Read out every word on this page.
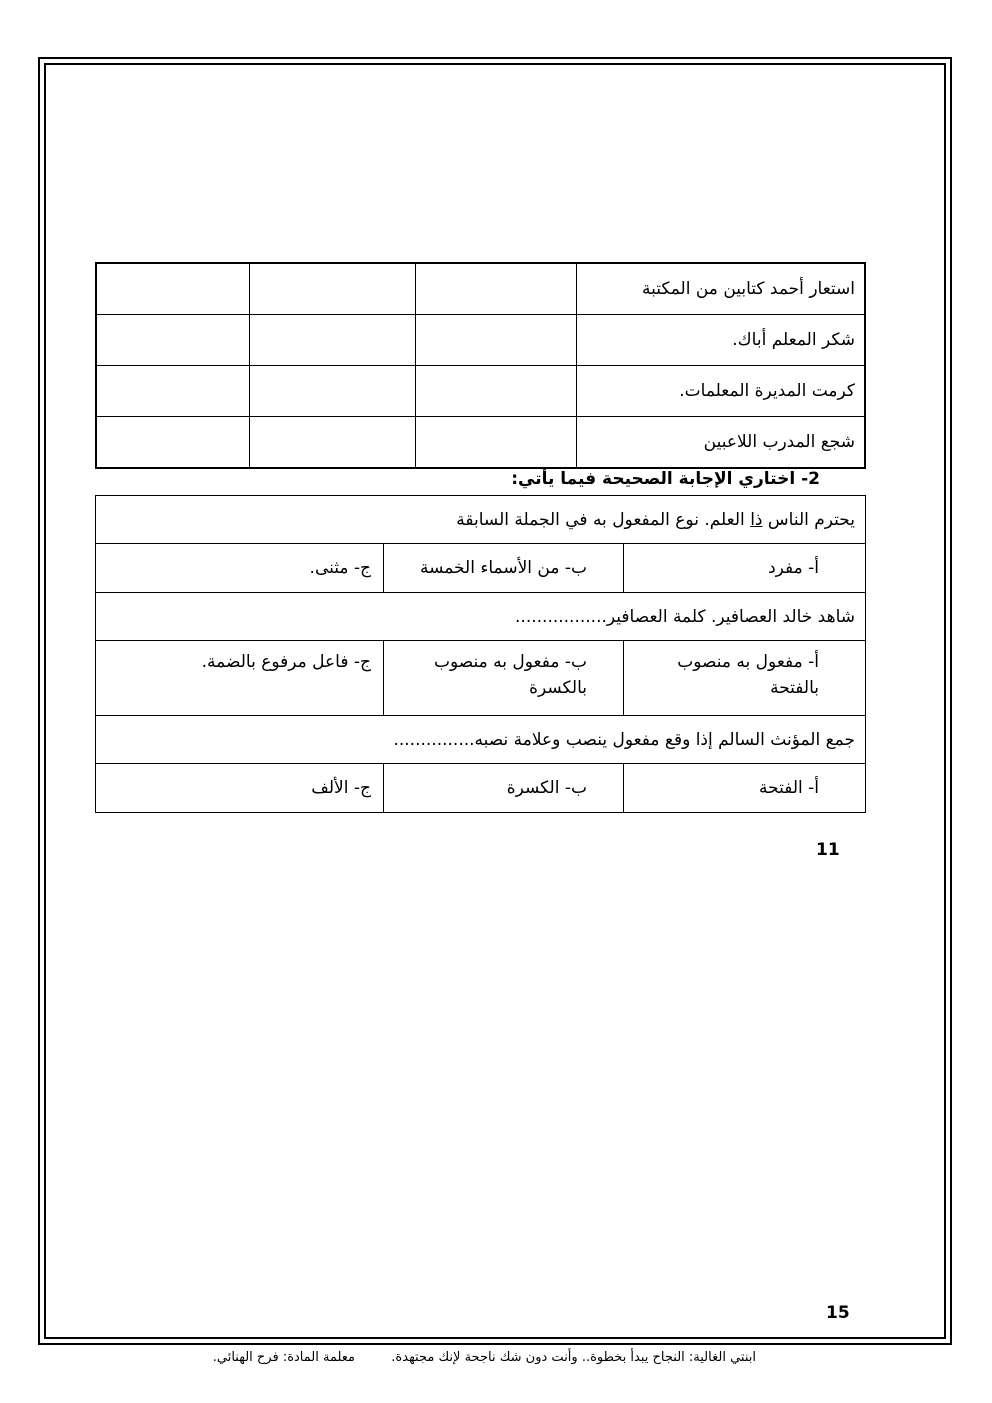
			استعار أحمد كتابين من المكتبة
			شكر المعلم أباك.
			كرمت المديرة المعلمات.
			شجع المدرب اللاعبين
2- اختاري الإجابة الصحيحة فيما يأتي:
يحترم الناس ذا العلم. نوع المفعول به في الجملة السابقة		
ج- مثنى.	ب- من الأسماء الخمسة	أ- مفرد
شاهد خالد العصافير. كلمة العصافير.................		
ج- فاعل مرفوع بالضمة.	ب- مفعول به منصوب بالكسرة	أ- مفعول به منصوب بالفتحة
جمع المؤنث السالم إذا وقع مفعول ينصب وعلامة نصبه...............		
ج- الألف	ب- الكسرة	أ- الفتحة
11
15
ابنتي الغالية: النجاح يبدأ بخطوة.. وأنت دون شك ناجحة لإنك مجتهدة.  معلمة المادة: فرح الهنائي.
